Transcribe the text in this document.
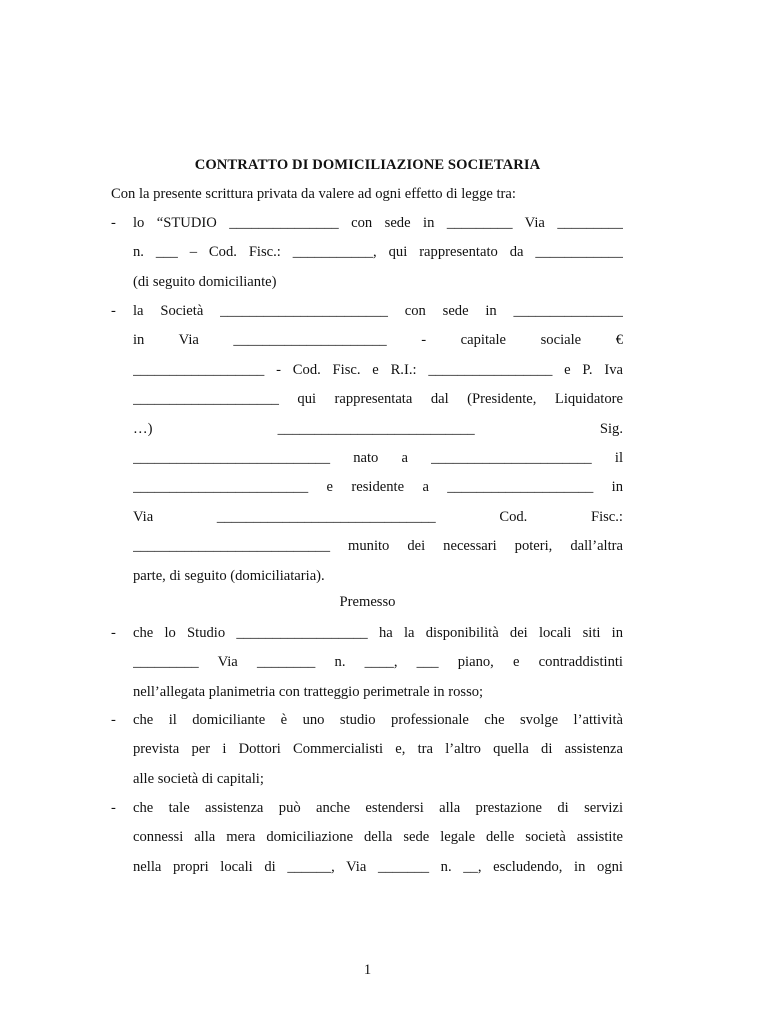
CONTRATTO DI DOMICILIAZIONE SOCIETARIA
Con la presente scrittura privata da valere ad ogni effetto di legge tra:
- lo “STUDIO _______________ con sede in _________ Via _________
n. ___ – Cod. Fisc.: ___________, qui rappresentato da ____________
(di seguito domiciliante)
- la Società _______________________ con sede in _______________
in Via _____________________ - capitale sociale €
__________________ - Cod. Fisc. e R.I.: _________________ e P. Iva
____________________ qui rappresentata dal (Presidente, Liquidatore
…) ___________________________ Sig.
___________________________ nato a ______________________ il
________________________ e residente a ____________________ in
Via ______________________________ Cod. Fisc.:
___________________________ munito dei necessari poteri, dall’altra
parte, di seguito (domiciliataria).
Premesso
- che lo Studio __________________ ha la disponibilità dei locali siti in
_________ Via ________ n. ____, ___ piano, e contraddistinti
nell’allegata planimetria con tratteggio perimetrale in rosso;
- che il domiciliante è uno studio professionale che svolge l’attività
prevista per i Dottori Commercialisti e, tra l’altro quella di assistenza
alle società di capitali;
- che tale assistenza può anche estendersi alla prestazione di servizi
connessi alla mera domiciliazione della sede legale delle società assistite
nella propri locali di ______, Via _______ n. __, escludendo, in ogni
1
